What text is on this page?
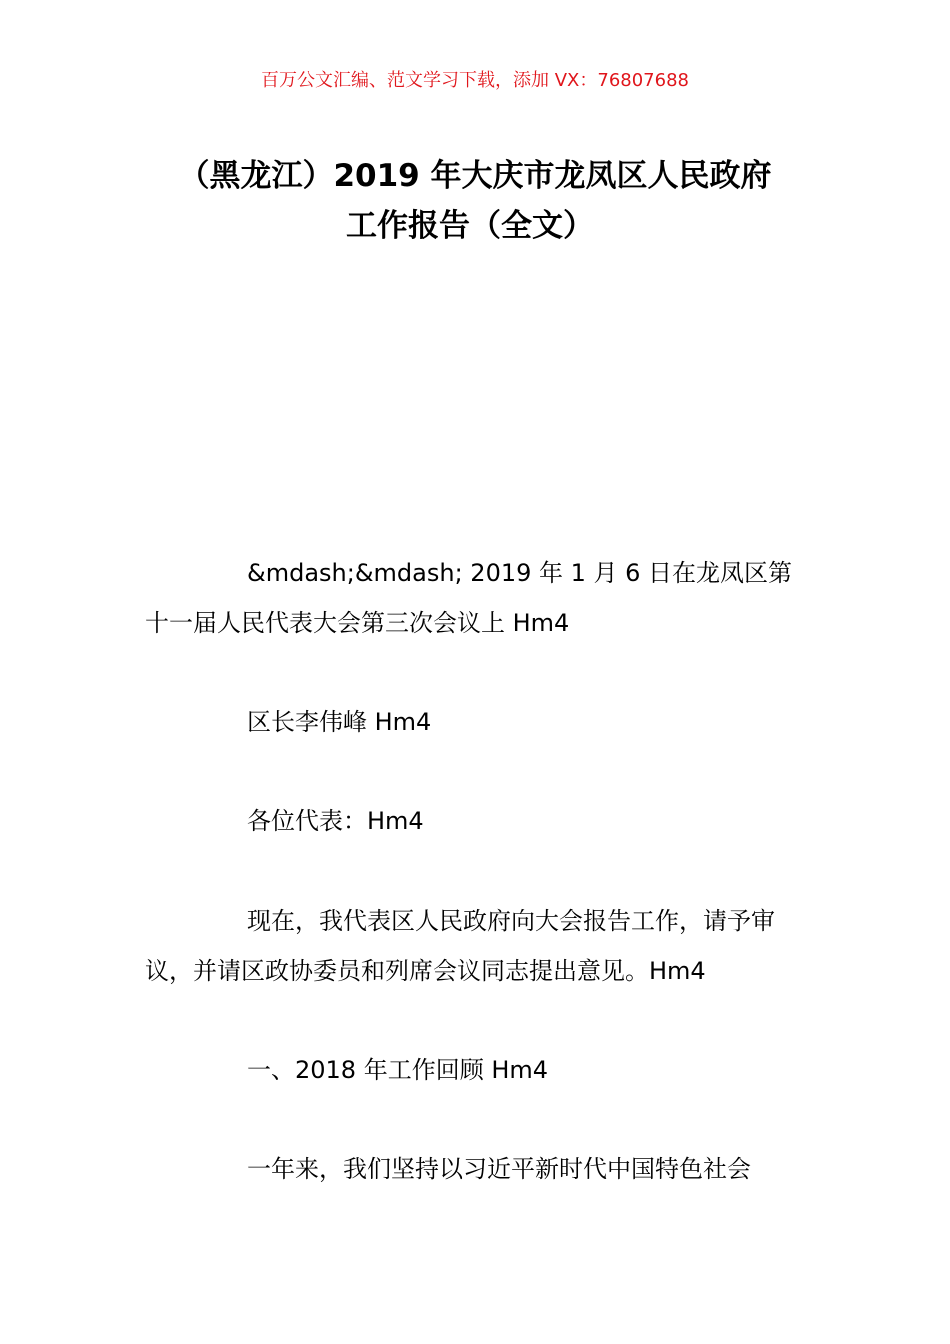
百万公文汇编、范文学习下载，添加 VX：76807688
（黑龙江）2019 年大庆市龙凤区人民政府
工作报告（全文）
&mdash;&mdash; 2019 年 1 月 6 日在龙凤区第十一届人民代表大会第三次会议上 Hm4
区长李伟峰 Hm4
各位代表：Hm4
现在，我代表区人民政府向大会报告工作，请予审议，并请区政协委员和列席会议同志提出意见。Hm4
一、2018 年工作回顾 Hm4
一年来，我们坚持以习近平新时代中国特色社会
